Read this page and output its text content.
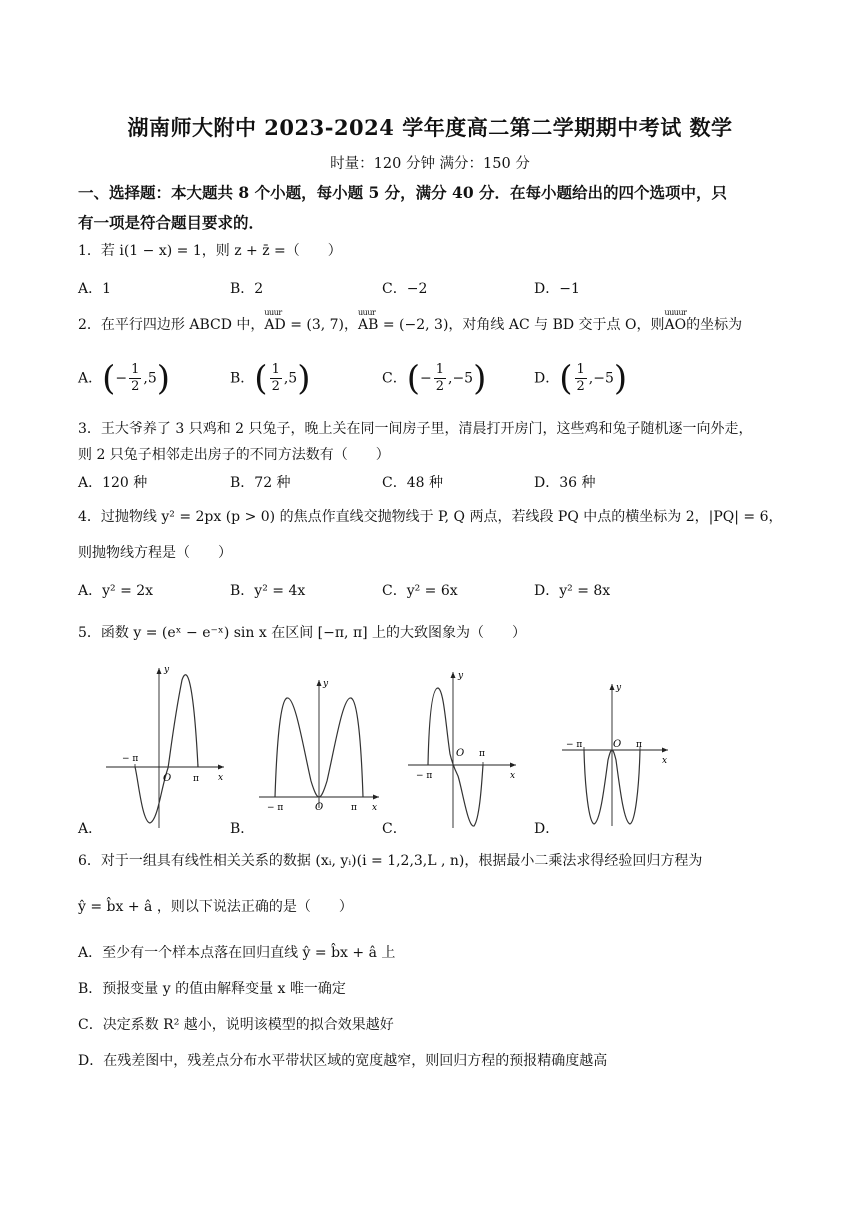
湖南师大附中 2023-2024 学年度高二第二学期期中考试 数学
时量：120 分钟 满分：150 分
一、选择题：本大题共 8 个小题，每小题 5 分，满分 40 分．在每小题给出的四个选项中，只
有一项是符合题目要求的．
1．若 i(1 − x) = 1，则 z + z̄ =（　　）
A．1	B．2	C．−2	D．−1
2．在平行四边形 ABCD 中，
uuur
AD = (3, 7)，
uuur
AB = (−2, 3)，对角线 AC 与 BD 交于点 O，则
uuuur
AO的坐标为
A．(− $\frac{1}{2} ,5$)	B．( $\frac{1}{2} ,5$)	C．(− $\frac{1}{2} ,-5$)	D．( $\frac{1}{2} ,-5$)
3．王大爷养了 3 只鸡和 2 只兔子，晚上关在同一间房子里，清晨打开房门，这些鸡和兔子随机逐一向外走，
则 2 只兔子相邻走出房子的不同方法数有（　　）
A．120 种	B．72 种	C．48 种	D．36 种
4．过抛物线 y² = 2px (p > 0) 的焦点作直线交抛物线于 P, Q 两点，若线段 PQ 中点的横坐标为 2，|PQ| = 6，
则抛物线方程是（　　）
A．y² = 2x	B．y² = 4x	C．y² = 6x	D．y² = 8x
5．函数 y = (eˣ − e⁻ˣ) sin x 在区间 [−π, π] 上的大致图象为（　　）
y
x
O
− π
π
A．
y
x
O
− π	π
B．
y
x
O
− π
π
C．
y
x
O
− π	π
D．
6．对于一组具有线性相关关系的数据 (xᵢ, yᵢ)(i = 1,2,3,L , n)，根据最小二乘法求得经验回归方程为
ŷ = b̂x + â ，则以下说法正确的是（　　）
A．至少有一个样本点落在回归直线 ŷ = b̂x + â 上
B．预报变量 y 的值由解释变量 x 唯一确定
C．决定系数 R² 越小，说明该模型的拟合效果越好
D．在残差图中，残差点分布水平带状区域的宽度越窄，则回归方程的预报精确度越高
